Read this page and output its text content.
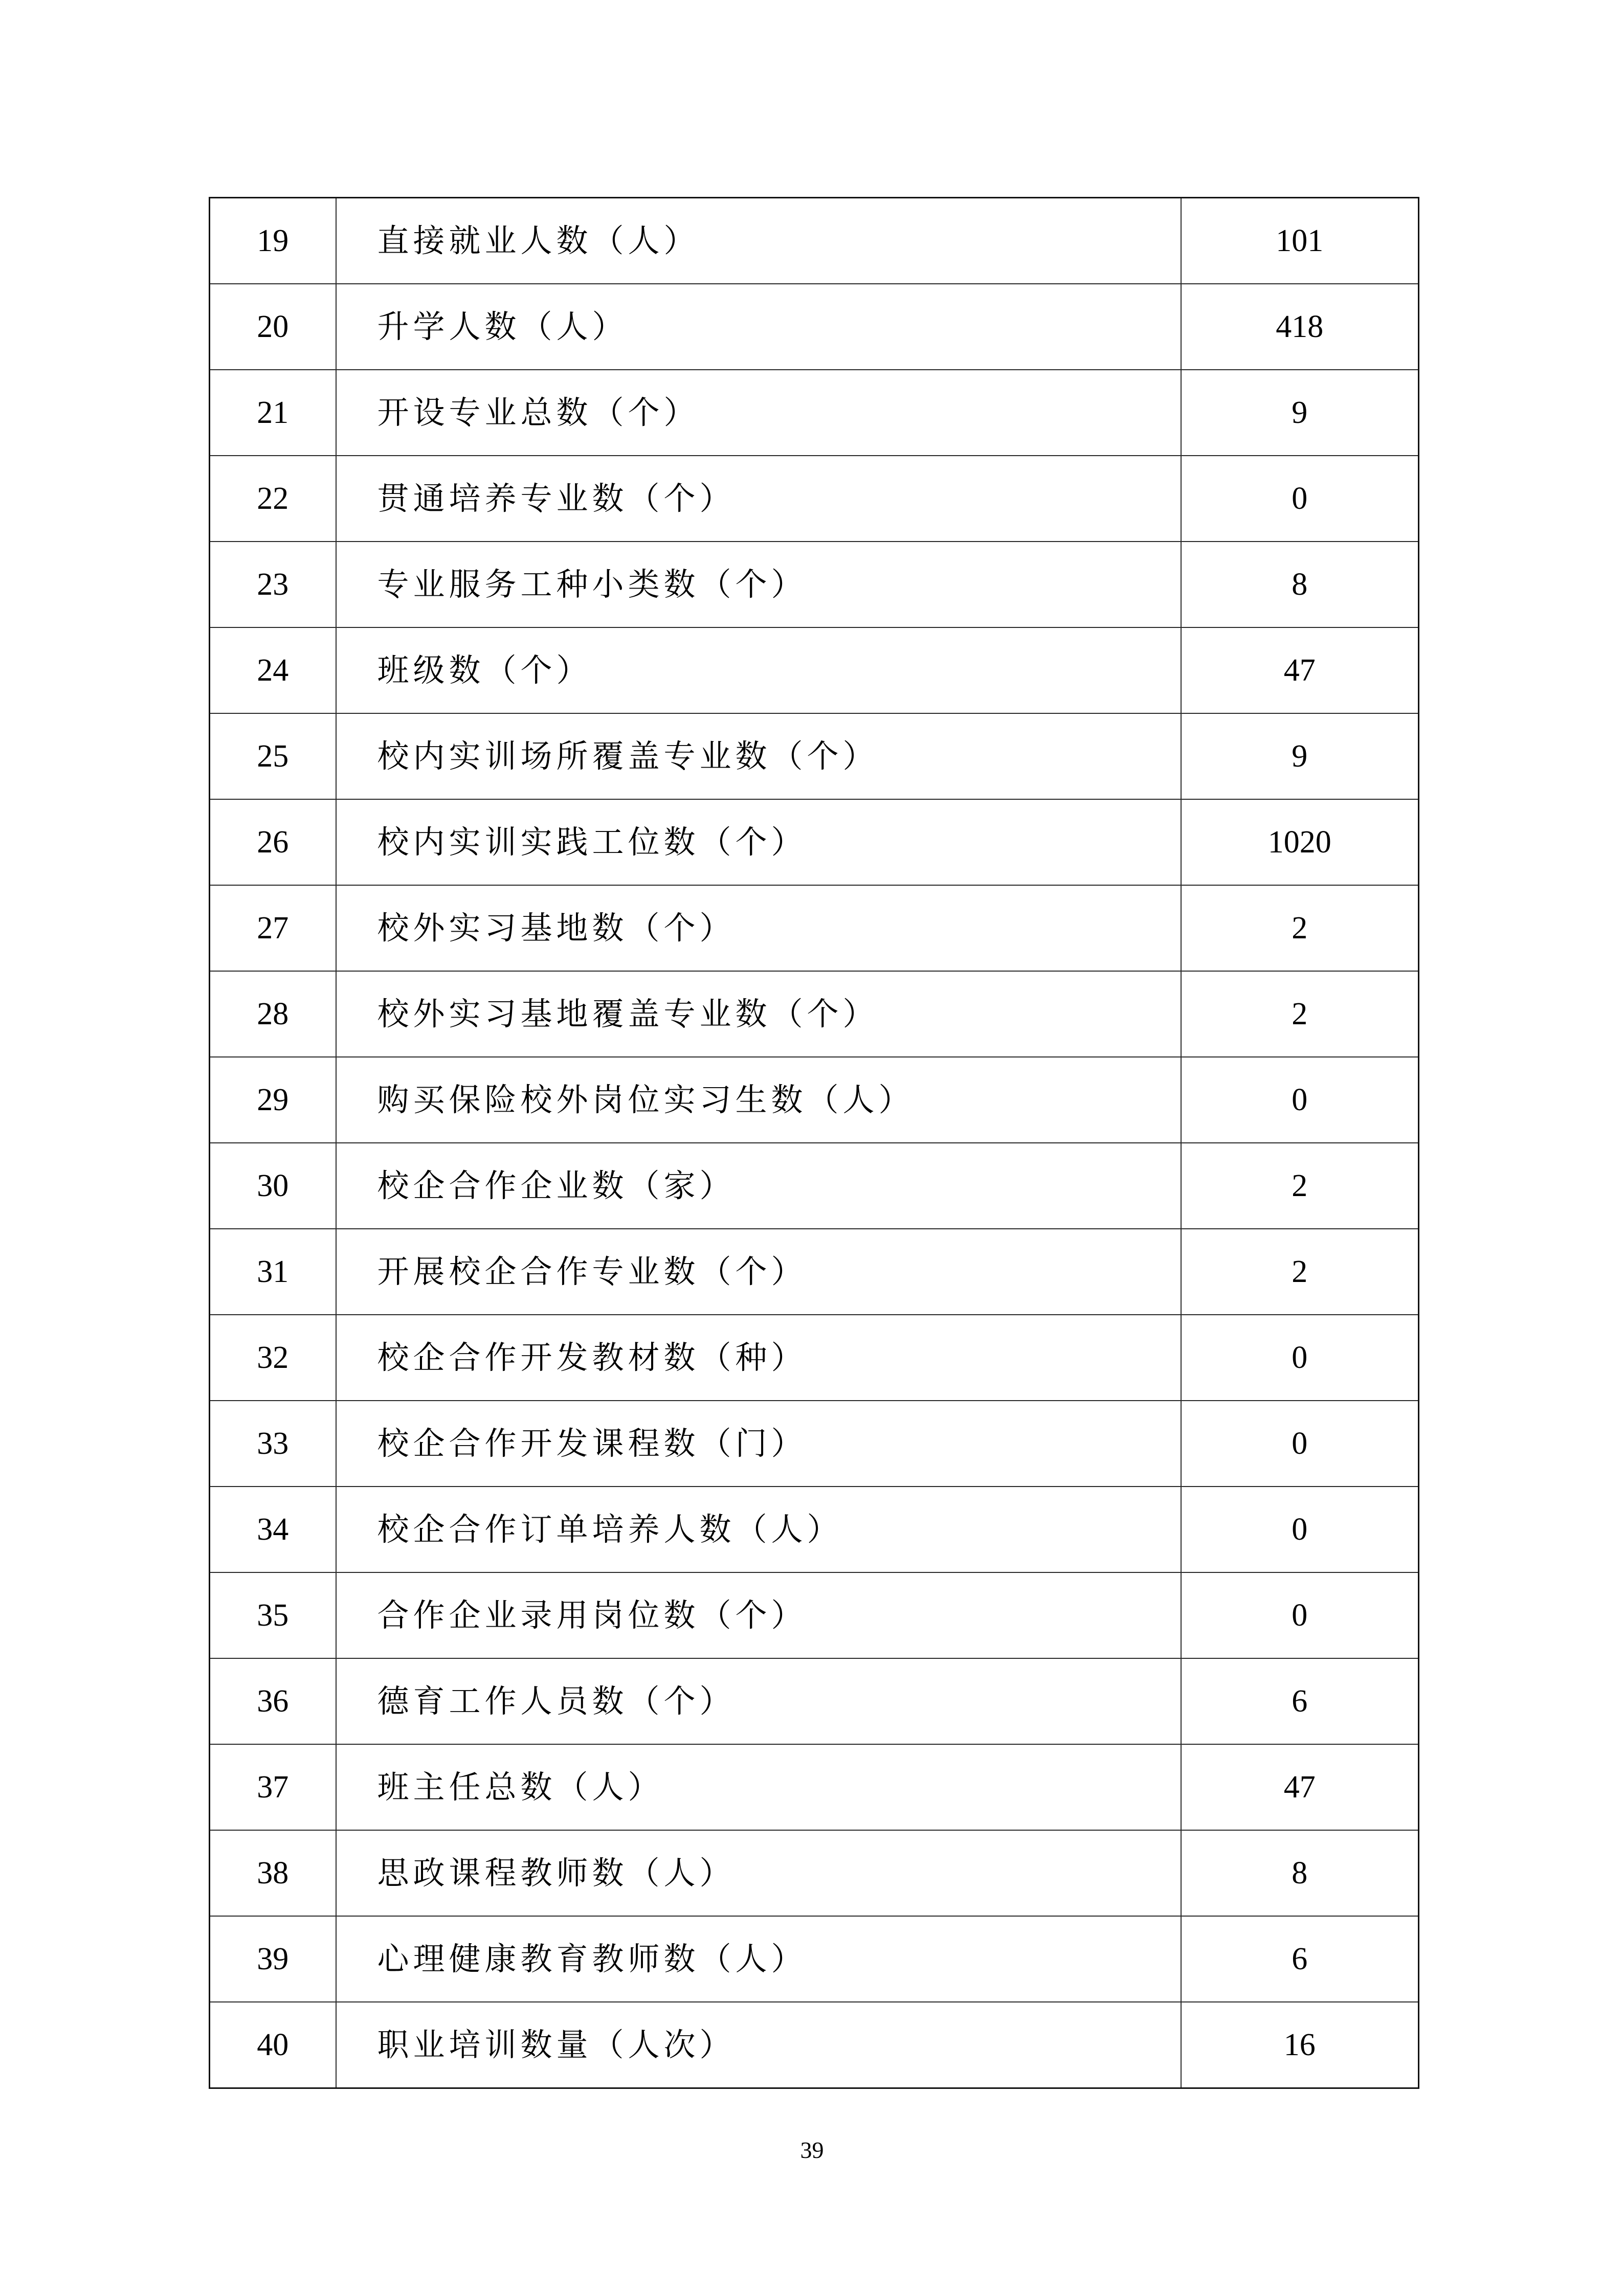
19	直接就业人数（人）	101
20	升学人数（人）	418
21	开设专业总数（个）	9
22	贯通培养专业数（个）	0
23	专业服务工种小类数（个）	8
24	班级数（个）	47
25	校内实训场所覆盖专业数（个）	9
26	校内实训实践工位数（个）	1020
27	校外实习基地数（个）	2
28	校外实习基地覆盖专业数（个）	2
29	购买保险校外岗位实习生数（人）	0
30	校企合作企业数（家）	2
31	开展校企合作专业数（个）	2
32	校企合作开发教材数（种）	0
33	校企合作开发课程数（门）	0
34	校企合作订单培养人数（人）	0
35	合作企业录用岗位数（个）	0
36	德育工作人员数（个）	6
37	班主任总数（人）	47
38	思政课程教师数（人）	8
39	心理健康教育教师数（人）	6
40	职业培训数量（人次）	16
39
